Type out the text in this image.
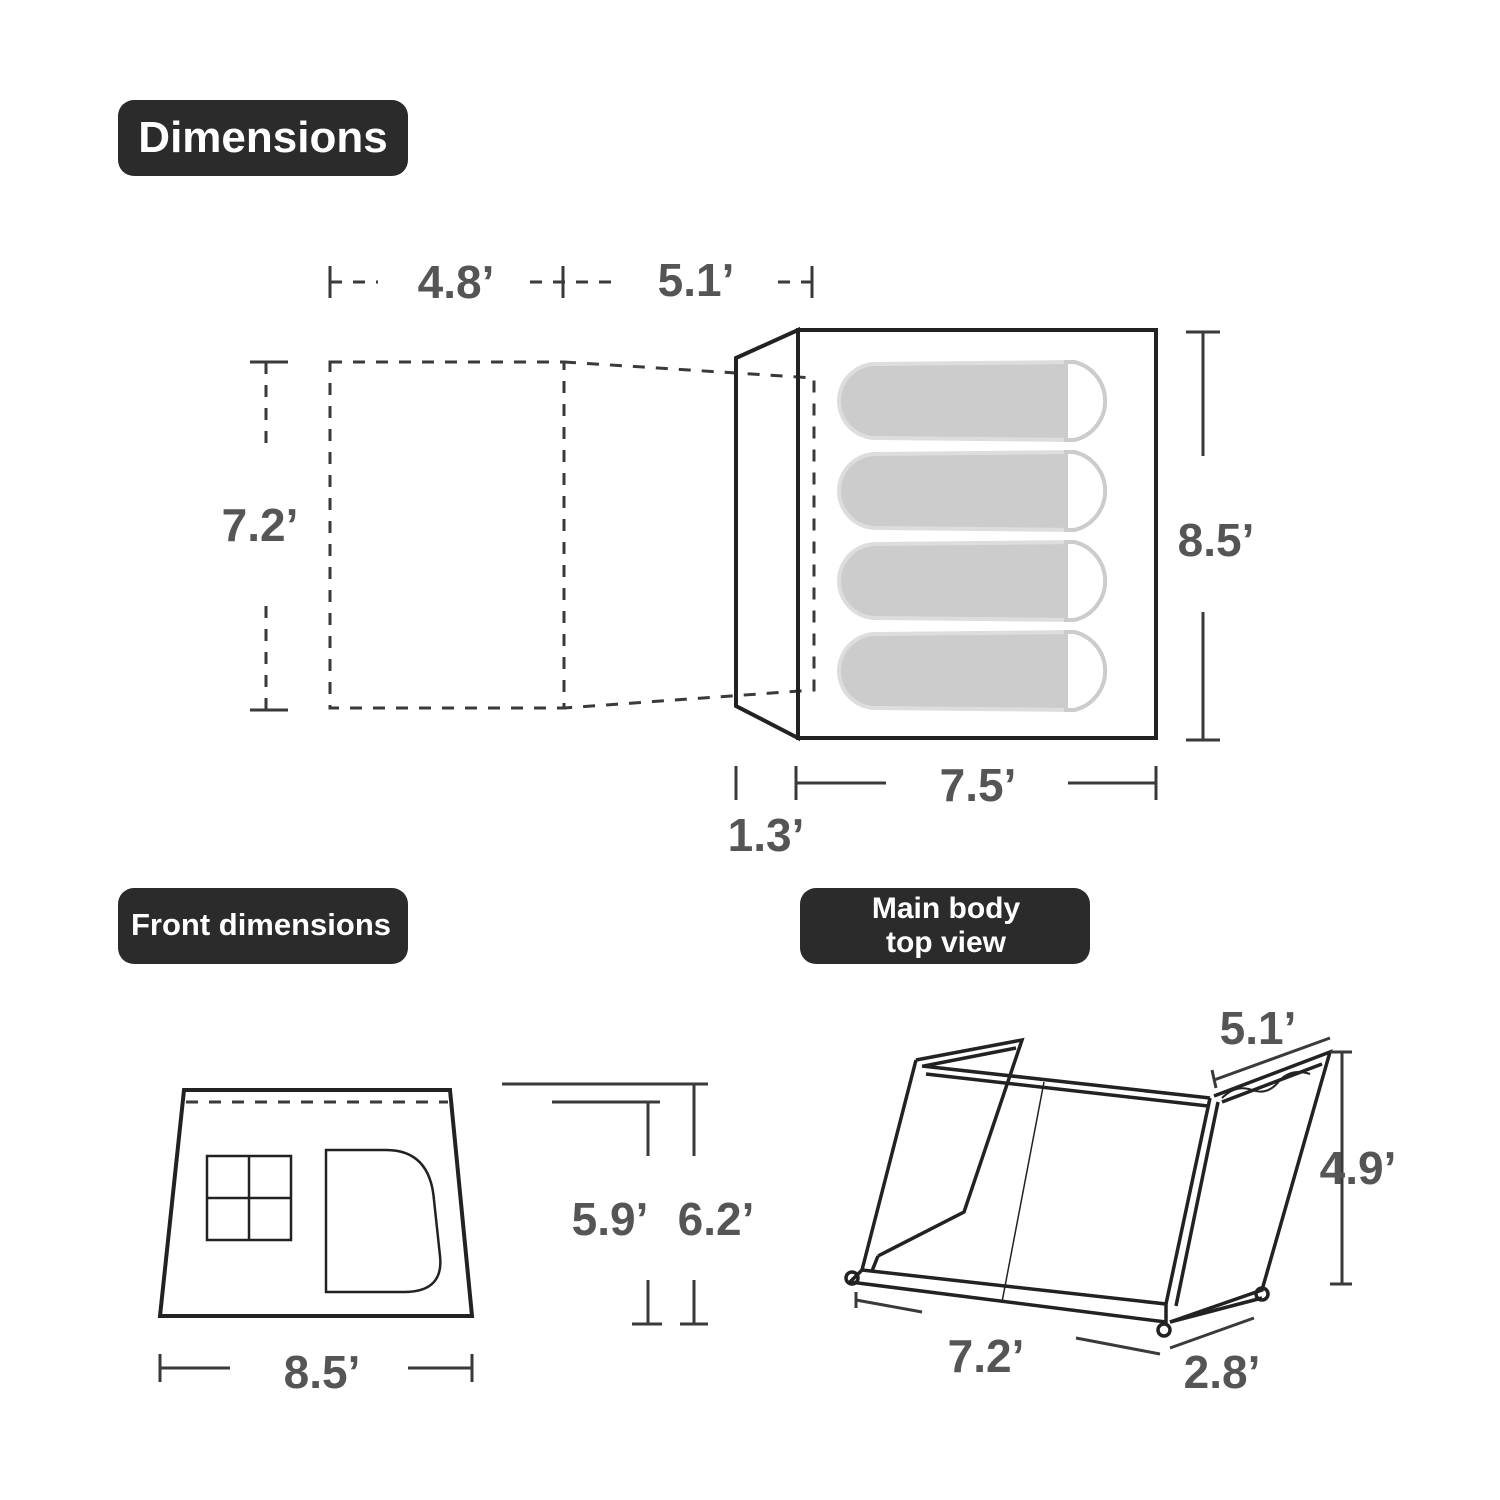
Dimensions
Front dimensions	Main body
top view
4.8’	5.1’
7.2’	8.5’
7.5’
1.3’
8.5’
5.9’ 6.2’
5.1’
4.9’
7.2’	2.8’
